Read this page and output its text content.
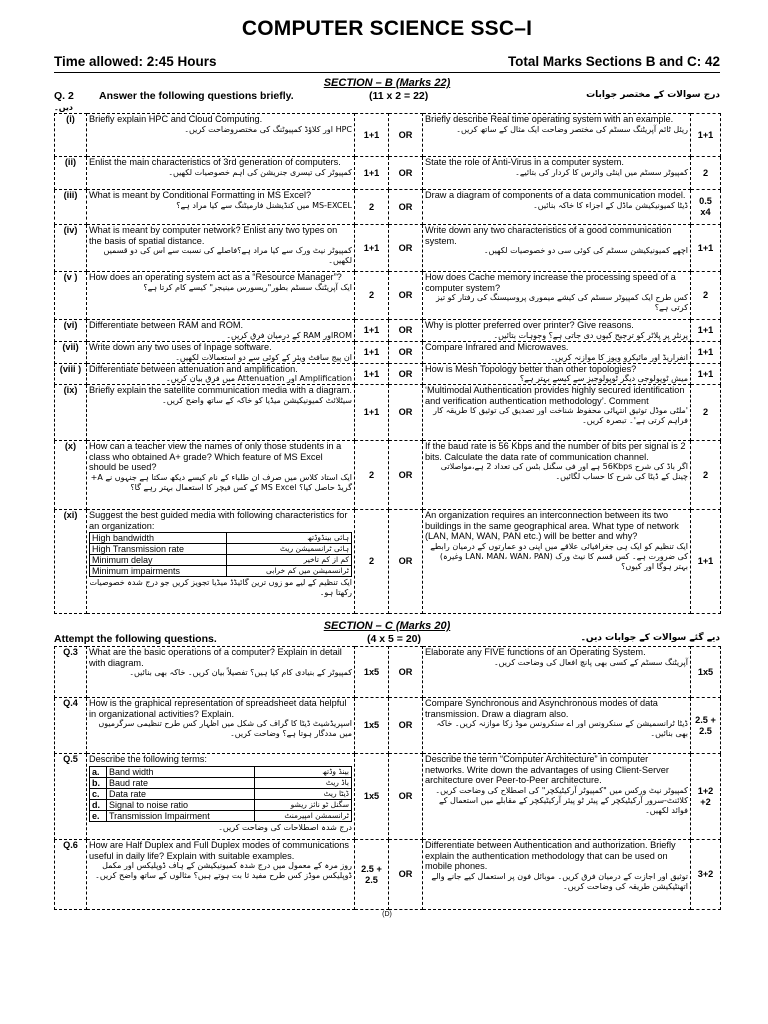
COMPUTER SCIENCE SSC–I
Time allowed: 2:45 Hours	Total Marks Sections B and C: 42
SECTION – B (Marks 22)
Q. 2	Answer the following questions briefly.	(11 x 2 = 22)	درج سوالات کے مختصر جوابات
دیں۔
(i)	Briefly explain HPC and Cloud Computing.
HPC اور کلاؤڈ کمپیوٹنگ کی مختصروضاحت کریں۔
	1+1	OR	
Briefly describe Real time operating system with an example.
ریئل ٹائم آپریٹنگ سسٹم کی مختصر وضاحت ایک مثال کے ساتھ کریں۔
	1+1
(ii)	Enlist the main characteristics of 3rd generation of computers.
کمپیوٹر کی تیسری جنریشن کی اہم خصوصیات لکھیں۔	1+1	OR	
State the role of Anti-Virus in a computer system.
کمپیوٹر سسٹم میں اینٹی وائرس کا کردار کی بتائیے۔	2
(iii)	What is meant by Conditional Formatting in MS Excel?
MS-EXCEL میں کنڈیشنل فارمیٹنگ سے کیا مراد ہے؟	2	OR	
Draw a diagram of components of a data communication model.
ڈیٹا کمیونیکیشن ماڈل کے اجزاء کا خاکہ بنائیں۔	0.5 x4
(iv)	What is meant by computer network? Enlist any two types on the basis of spatial distance.
کمپیوٹر نیٹ ورک سے کیا مراد ہے؟فاصلے کی نسبت سے اس کی دو قسمیں لکھیں۔
	1+1	OR	
Write down any two characteristics of a good communication system.
اچھے کمیونیکیشن سسٹم کی کوئی سی دو خصوصیات لکھیں۔	1+1
(v )	How does an operating system act as a “Resource Manager”?
ایک آپریٹنگ سسٹم بطور"ریسورس مینیجر" کیسے کام کرتا ہے؟
	2	OR	
How does Cache memory increase the processing speed of a computer system?
کس طرح ایک کمپیوٹر سسٹم کی کیشے میموری پروسیسنگ کی رفتار کو تیز کرتی ہے؟
	2
(vi)	Differentiate between RAM and ROM.
ROMاور RAM کے درمیان فرق کریں۔	1+1	OR	
Why is plotter preferred over printer? Give reasons.
پرنٹر پر پلاٹر کو ترجیح کیوں دی جاتی ہے؟ وجوہات بتائیں۔	1+1
(vii)	Write down any two uses of Inpage software.
ان پیج سافٹ ویئر کے کوئی سے دو استعمالات لکھیں۔
	1+1	OR	Compare Infrared and Microwaves.
انفراریڈ اور مائیکرو ویوز کا موازنہ کریں۔
	1+1
(viii )	Differentiate between attenuation and amplification.
Amplification اور Attenuation میں فرق بیان کریں۔
	1+1	OR	How is Mesh Topology better than other topologies?
میش ٹوپولوجی دیگر ٹوپولوجیز سے کیسے بہتر ہے؟
	1+1
(ix)	Briefly explain the satellite communication media with a diagram.
سیٹلائٹ کمیونیکیشن میڈیا کو خاکہ کے ساتھ واضح کریں۔
	1+1	OR	
‘Multimodal Authentication provides highly secured identification and verification authentication methodology’. Comment
'ملٹی موڈل توثیق انتہائی محفوظ شناخت اور تصدیق کی توثیق کا طریقہ کار فراہم کرتی ہے'۔ تبصرہ کریں۔
	2
(x)	How can a teacher view the names of only those students in a class who obtained A+ grade? Which feature of MS Excel should be used?
ایک استاد کلاس میں صرف ان طلباء کے نام کیسے دیکھ سکتا ہے جنہوں نے A+ گریڈ حاصل کیا؟ MS Excel کے کس فیچر کا استعمال بہتر رہے گا؟
	2	OR	
If the baud rate is 56 Kbps and the number of bits per signal is 2 bits. Calculate the data rate of communication channel.
اگر باڈ کی شرح 56Kbps ہے اور فی سگنل بٹس کی تعداد 2 ہے،مواصلاتی چینل کے ڈیٹا کی شرح کا حساب لگائیں۔	2
(xi)	Suggest the best guided media with following characteristics for an organization:
High bandwidth	ہائی بینڈوڈتھ
High Transmission rate	ہائی ٹرانسمیشن ریٹ
Minimum delay	کم از کم تاخیر
Minimum impairments	ٹرانسمیشن میں کم خرابی
ایک تنظیم کے لیے مو زوں ترین گائیڈڈ میڈیا تجویز کریں جو درج شدہ خصوصیات رکھتا ہو۔
	2	OR	
An organization requires an interconnection between its two buildings in the same geographical area. What type of network (LAN, MAN, WAN, PAN etc.) will be better and why?
ایک تنظیم کو ایک ہی جغرافیائی علاقے میں اپنی دو عمارتوں کے درمیان رابطے کی ضرورت ہے۔ کس قسم کا نیٹ ورک (LAN، MAN، WAN، PAN وغیرہ) بہتر ہوگا اور کیوں؟
	1+1
SECTION – C (Marks 20)
Attempt the following questions.	(4 x 5 = 20)	دیے گئے سوالات کے جوابات دیں۔
Q.3	What are the basic operations of a computer? Explain in detail with diagram.
کمپیوٹر کے بنیادی کام کیا ہیں؟ تفصیلاً بیان کریں۔ خاکہ بھی بنائیں۔	1x5	OR	
Elaborate any FIVE functions of an Operating System.
آپریٹنگ سسٹم کے کسی بھی پانچ افعال کی وضاحت کریں۔
	1x5
Q.4	How is the graphical representation of spreadsheet data helpful in organizational activities? Explain.
اسپریڈشیٹ ڈیٹا کا گراف کی شکل میں اظہار کس طرح تنظیمی سرگرمیوں میں مددگار ہوتا ہے؟ وضاحت کریں۔
	1x5	OR	
Compare Synchronous and Asynchronous modes of data transmission. Draw a diagram also.
ڈیٹا ٹرانسمیشن کے سنکرونس اور اے سنکرونس موڈ زکا موازنہ کریں۔ خاکہ بھی بنائیں۔
	2.5 + 2.5
Q.5	Describe the following terms:
a.	Band width	بینڈ وڈتھ
b.	Baud rate	باڈ ریٹ
c.	Data rate	ڈیٹا ریٹ
d.	Signal to noise ratio	سگنل ٹو نائز ریشو
e.	Transmission Impairment	ٹرانسمشن امپیرمنٹ
درج شدہ اصطلاحات کی وضاحت کریں۔
	1x5	OR	
Describe the term “Computer Architecture” in computer networks. Write down the advantages of using Client-Server architecture over Peer-to-Peer architecture.
کمپیوٹر نیٹ ورکس میں "کمپیوٹر آرکیٹیکچر" کی اصطلاح کی وضاحت کریں۔ کلائنٹ-سرور آرکیٹیکچر کے پیئر ٹو پیئر آرکیٹیکچر کے مقابلے میں استعمال کے فوائد لکھیں۔
	1+2 +2
Q.6	How are Half Duplex and Full Duplex modes of communications useful in daily life? Explain with suitable examples.
روز مرہ کے معمول میں درج شدہ کمیونیکیشن کے ہاف ڈوپلیکس اور مکمل ڈوپلیکس موڈز کس طرح مفید ثا بت ہوتے ہیں؟ مثالوں کے ساتھ واضح کریں۔
	2.5 + 2.5	OR	
Differentiate between Authentication and authorization. Briefly explain the authentication methodology that can be used on mobile phones.
توثیق اور اجازت کے درمیان فرق کریں۔ موبائل فون پر استعمال کیے جانے والے اتھنٹیکیشن طریقہ کی وضاحت کریں۔
	3+2
(D)
